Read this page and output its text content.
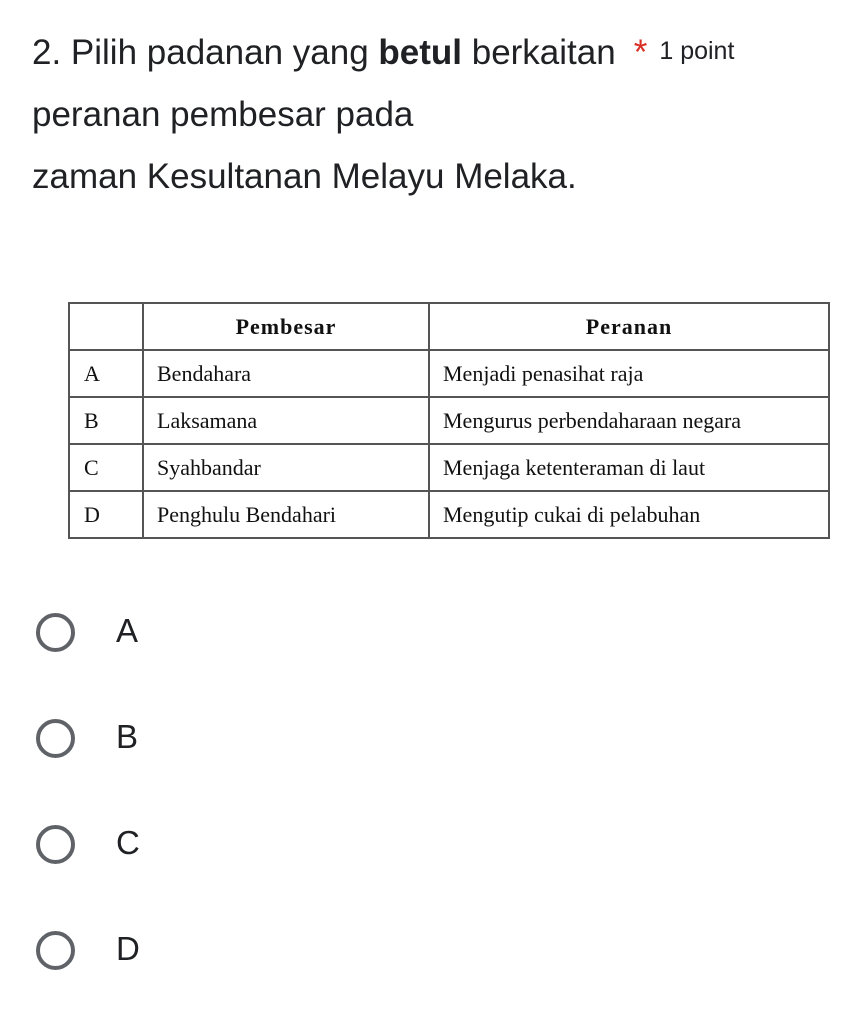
2. Pilih padanan yang betul berkaitan * 1 point
peranan pembesar pada
zaman Kesultanan Melayu Melaka.
	Pembesar	Peranan
A	Bendahara	Menjadi penasihat raja
B	Laksamana	Mengurus perbendaharaan negara
C	Syahbandar	Menjaga ketenteraman di laut
D	Penghulu Bendahari	Mengutip cukai di pelabuhan
A
B
C
D
